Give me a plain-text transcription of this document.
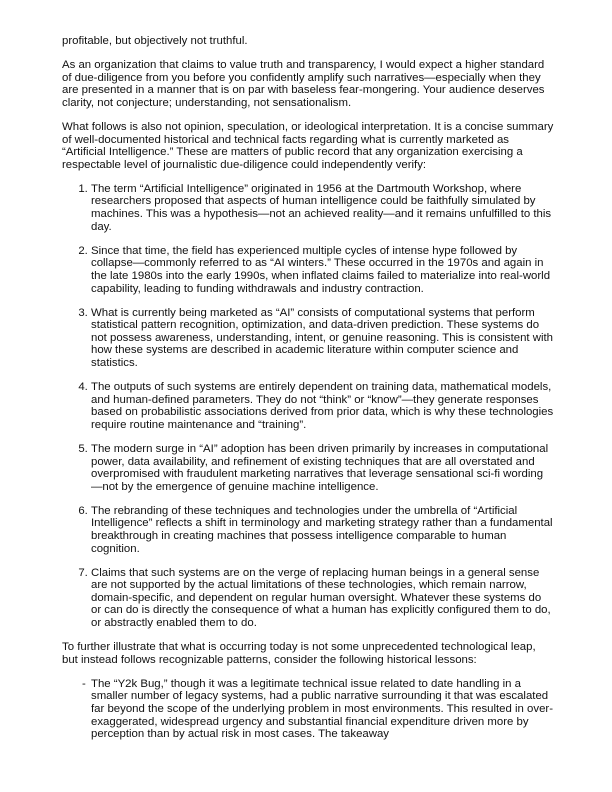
profitable, but objectively not truthful.

As an organization that claims to value truth and transparency, I would expect a higher standard of due-diligence from you before you confidently amplify such narratives—especially when they are presented in a manner that is on par with baseless fear-mongering. Your audience deserves clarity, not conjecture; understanding, not sensationalism.

What follows is also not opinion, speculation, or ideological interpretation. It is a concise summary of well-documented historical and technical facts regarding what is currently marketed as “Artificial Intelligence.” These are matters of public record that any organization exercising a respectable level of journalistic due-diligence could independently verify:

1. The term “Artificial Intelligence” originated in 1956 at the Dartmouth Workshop, where researchers proposed that aspects of human intelligence could be faithfully simulated by machines. This was a hypothesis—not an achieved reality—and it remains unfulfilled to this day.
2. Since that time, the field has experienced multiple cycles of intense hype followed by collapse—commonly referred to as “AI winters.” These occurred in the 1970s and again in the late 1980s into the early 1990s, when inflated claims failed to materialize into real-world capability, leading to funding withdrawals and industry contraction.
3. What is currently being marketed as “AI” consists of computational systems that perform statistical pattern recognition, optimization, and data-driven prediction. These systems do not possess awareness, understanding, intent, or genuine reasoning. This is consistent with how these systems are described in academic literature within computer science and statistics.
4. The outputs of such systems are entirely dependent on training data, mathematical models, and human-defined parameters. They do not “think” or “know”—they generate responses based on probabilistic associations derived from prior data, which is why these technologies require routine maintenance and “training”.
5. The modern surge in “AI” adoption has been driven primarily by increases in computational power, data availability, and refinement of existing techniques that are all overstated and overpromised with fraudulent marketing narratives that leverage sensational sci-fi wording—not by the emergence of genuine machine intelligence.
6. The rebranding of these techniques and technologies under the umbrella of “Artificial Intelligence” reflects a shift in terminology and marketing strategy rather than a fundamental breakthrough in creating machines that possess intelligence comparable to human cognition.
7. Claims that such systems are on the verge of replacing human beings in a general sense are not supported by the actual limitations of these technologies, which remain narrow, domain-specific, and dependent on regular human oversight. Whatever these systems do or can do is directly the consequence of what a human has explicitly configured them to do, or abstractly enabled them to do.

To further illustrate that what is occurring today is not some unprecedented technological leap, but instead follows recognizable patterns, consider the following historical lessons:

- The “Y2k Bug,” though it was a legitimate technical issue related to date handling in a smaller number of legacy systems, had a public narrative surrounding it that was escalated far beyond the scope of the underlying problem in most environments. This resulted in over-exaggerated, widespread urgency and substantial financial expenditure driven more by perception than by actual risk in most cases. The takeaway
